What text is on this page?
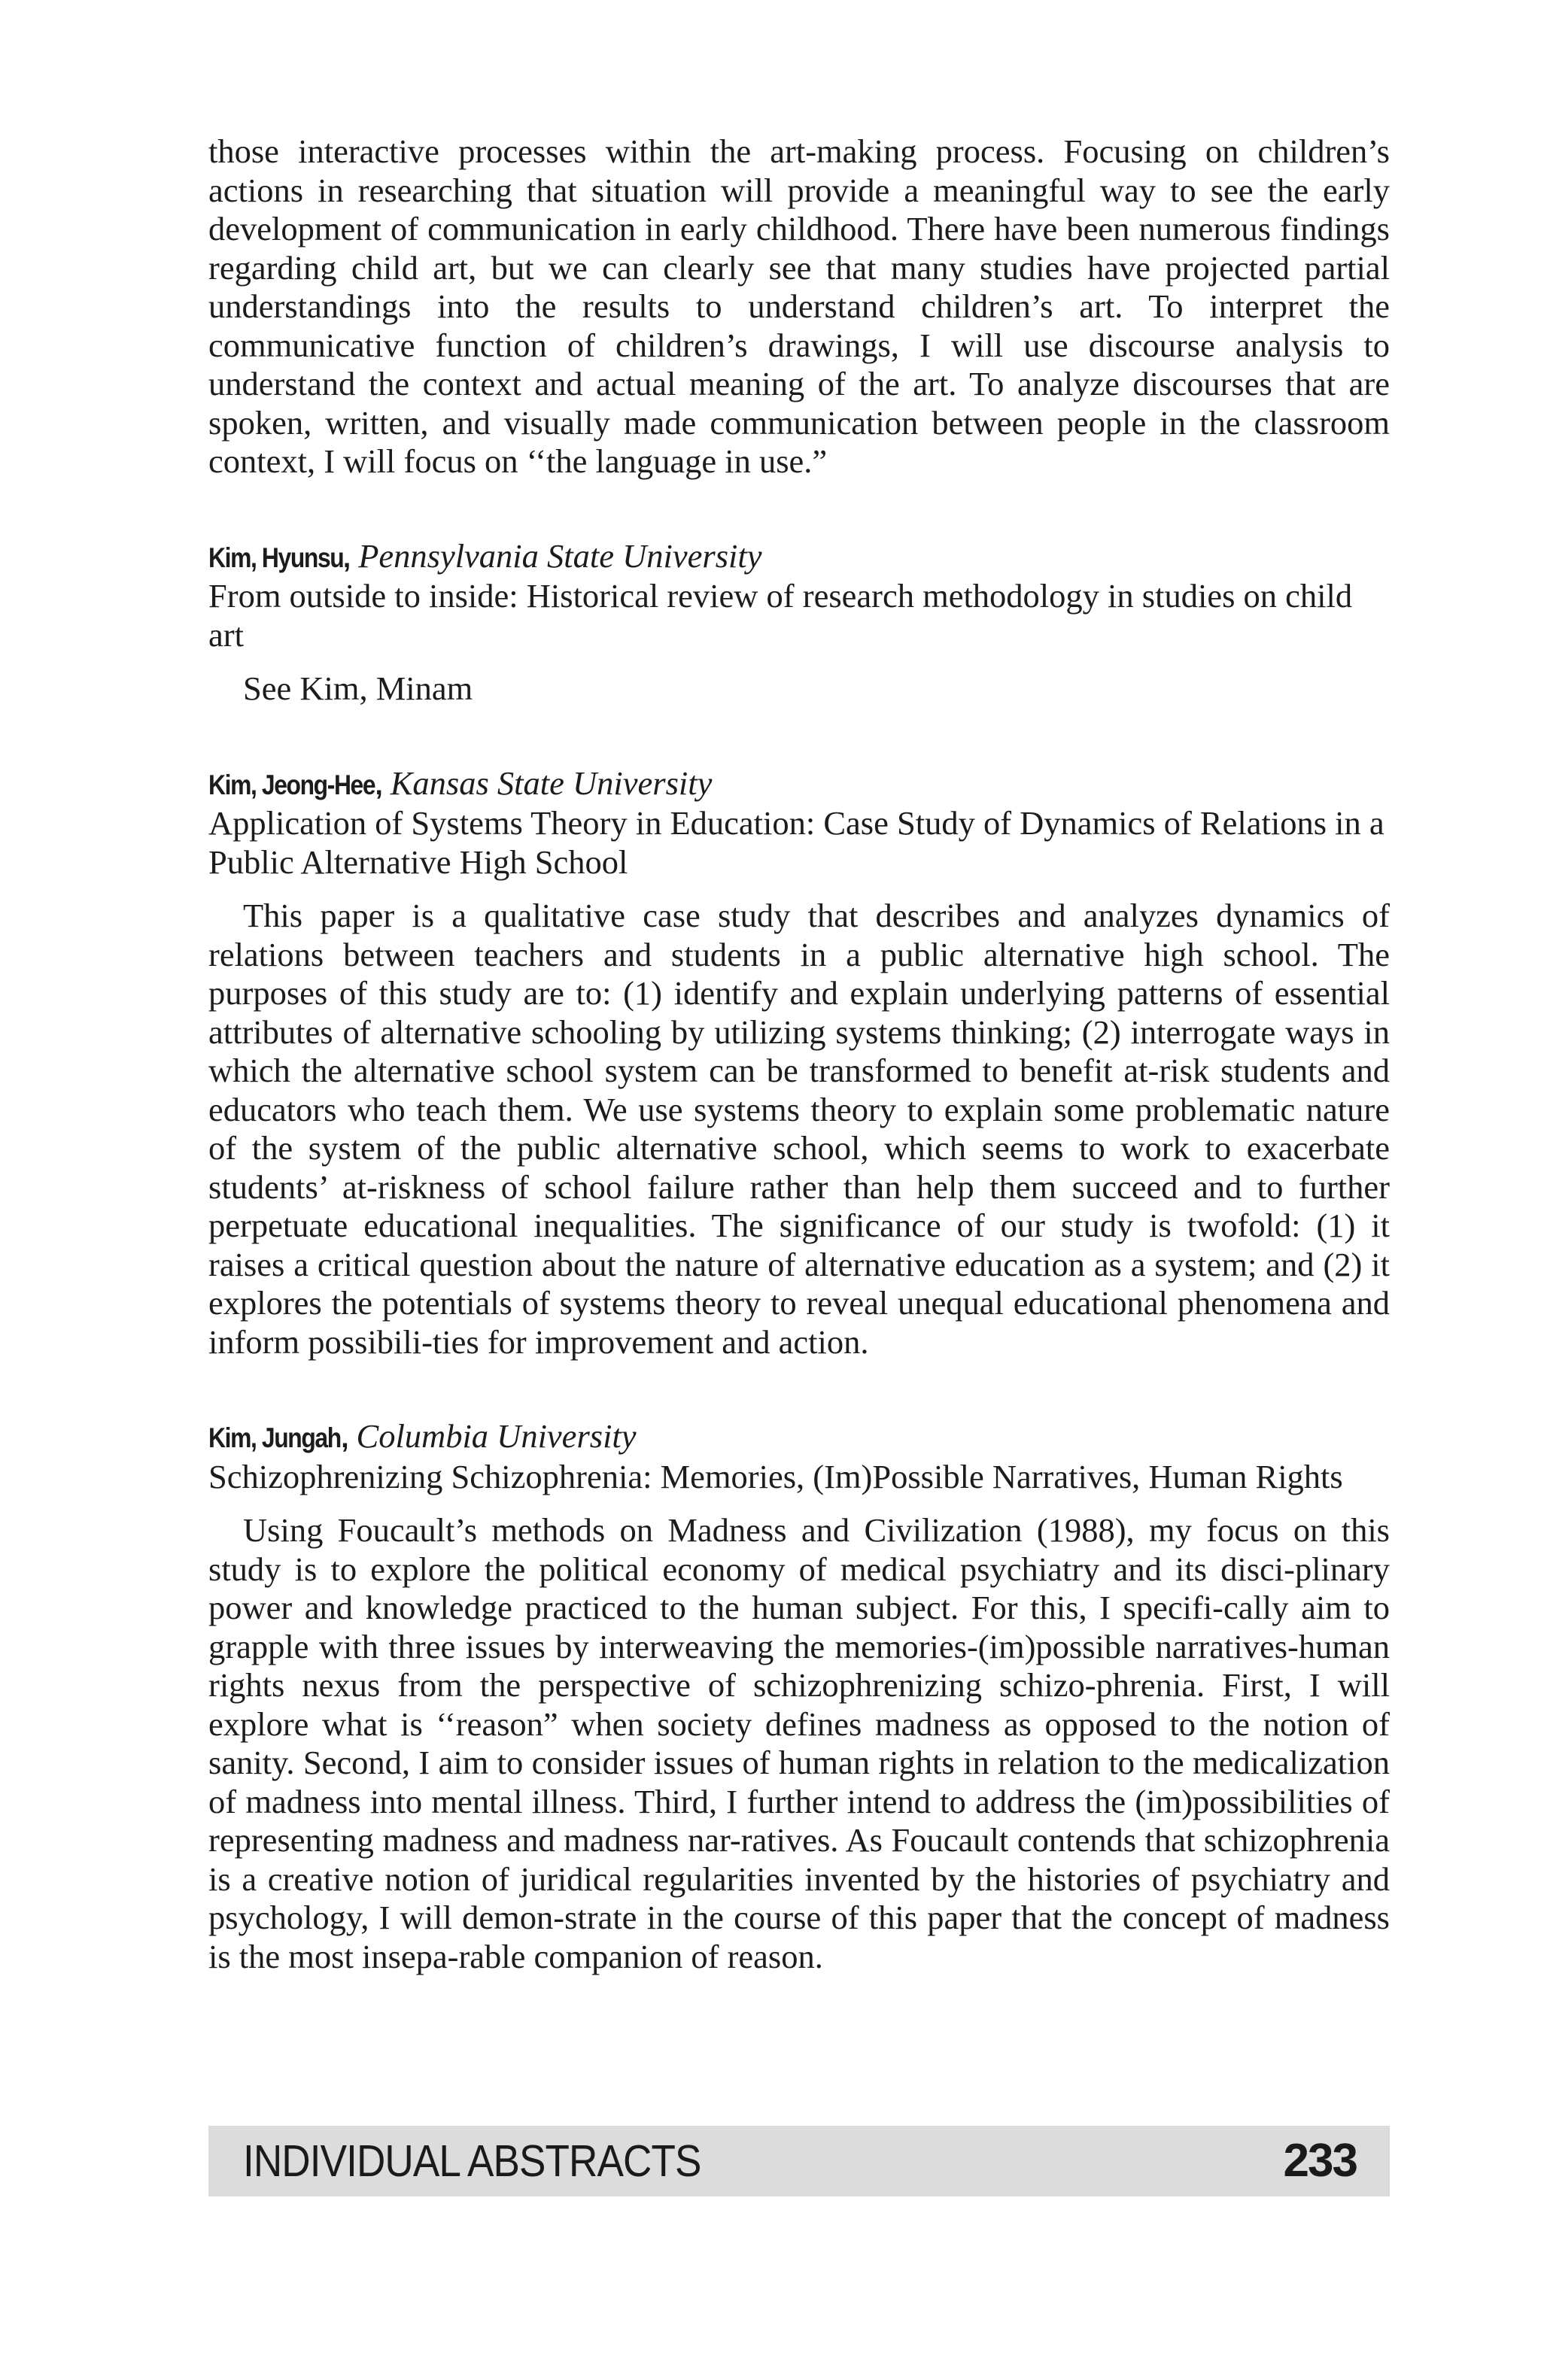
those interactive processes within the art-making process. Focusing on children’s actions in researching that situation will provide a meaningful way to see the early development of communication in early childhood. There have been numerous findings regarding child art, but we can clearly see that many studies have projected partial understandings into the results to understand children’s art. To interpret the communicative function of children’s drawings, I will use discourse analysis to understand the context and actual meaning of the art. To analyze discourses that are spoken, written, and visually made communication between people in the classroom context, I will focus on ‘‘the language in use.”

Kim, Hyunsu, Pennsylvania State University

From outside to inside: Historical review of research methodology in studies on child art

See Kim, Minam

Kim, Jeong-Hee, Kansas State University

Application of Systems Theory in Education: Case Study of Dynamics of Relations in a Public Alternative High School

This paper is a qualitative case study that describes and analyzes dynamics of relations between teachers and students in a public alternative high school. The purposes of this study are to: (1) identify and explain underlying patterns of essential attributes of alternative schooling by utilizing systems thinking; (2) interrogate ways in which the alternative school system can be transformed to benefit at-risk students and educators who teach them. We use systems theory to explain some problematic nature of the system of the public alternative school, which seems to work to exacerbate students’ at-riskness of school failure rather than help them succeed and to further perpetuate educational inequalities. The significance of our study is twofold: (1) it raises a critical question about the nature of alternative education as a system; and (2) it explores the potentials of systems theory to reveal unequal educational phenomena and inform possibili-ties for improvement and action.

Kim, Jungah, Columbia University

Schizophrenizing Schizophrenia: Memories, (Im)Possible Narratives, Human Rights

Using Foucault’s methods on Madness and Civilization (1988), my focus on this study is to explore the political economy of medical psychiatry and its disci-plinary power and knowledge practiced to the human subject. For this, I specifi-cally aim to grapple with three issues by interweaving the memories-(im)possible narratives-human rights nexus from the perspective of schizophrenizing schizo-phrenia. First, I will explore what is ‘‘reason” when society defines madness as opposed to the notion of sanity. Second, I aim to consider issues of human rights in relation to the medicalization of madness into mental illness. Third, I further intend to address the (im)possibilities of representing madness and madness nar-ratives. As Foucault contends that schizophrenia is a creative notion of juridical regularities invented by the histories of psychiatry and psychology, I will demon-strate in the course of this paper that the concept of madness is the most insepa-rable companion of reason.

INDIVIDUAL ABSTRACTS	233
